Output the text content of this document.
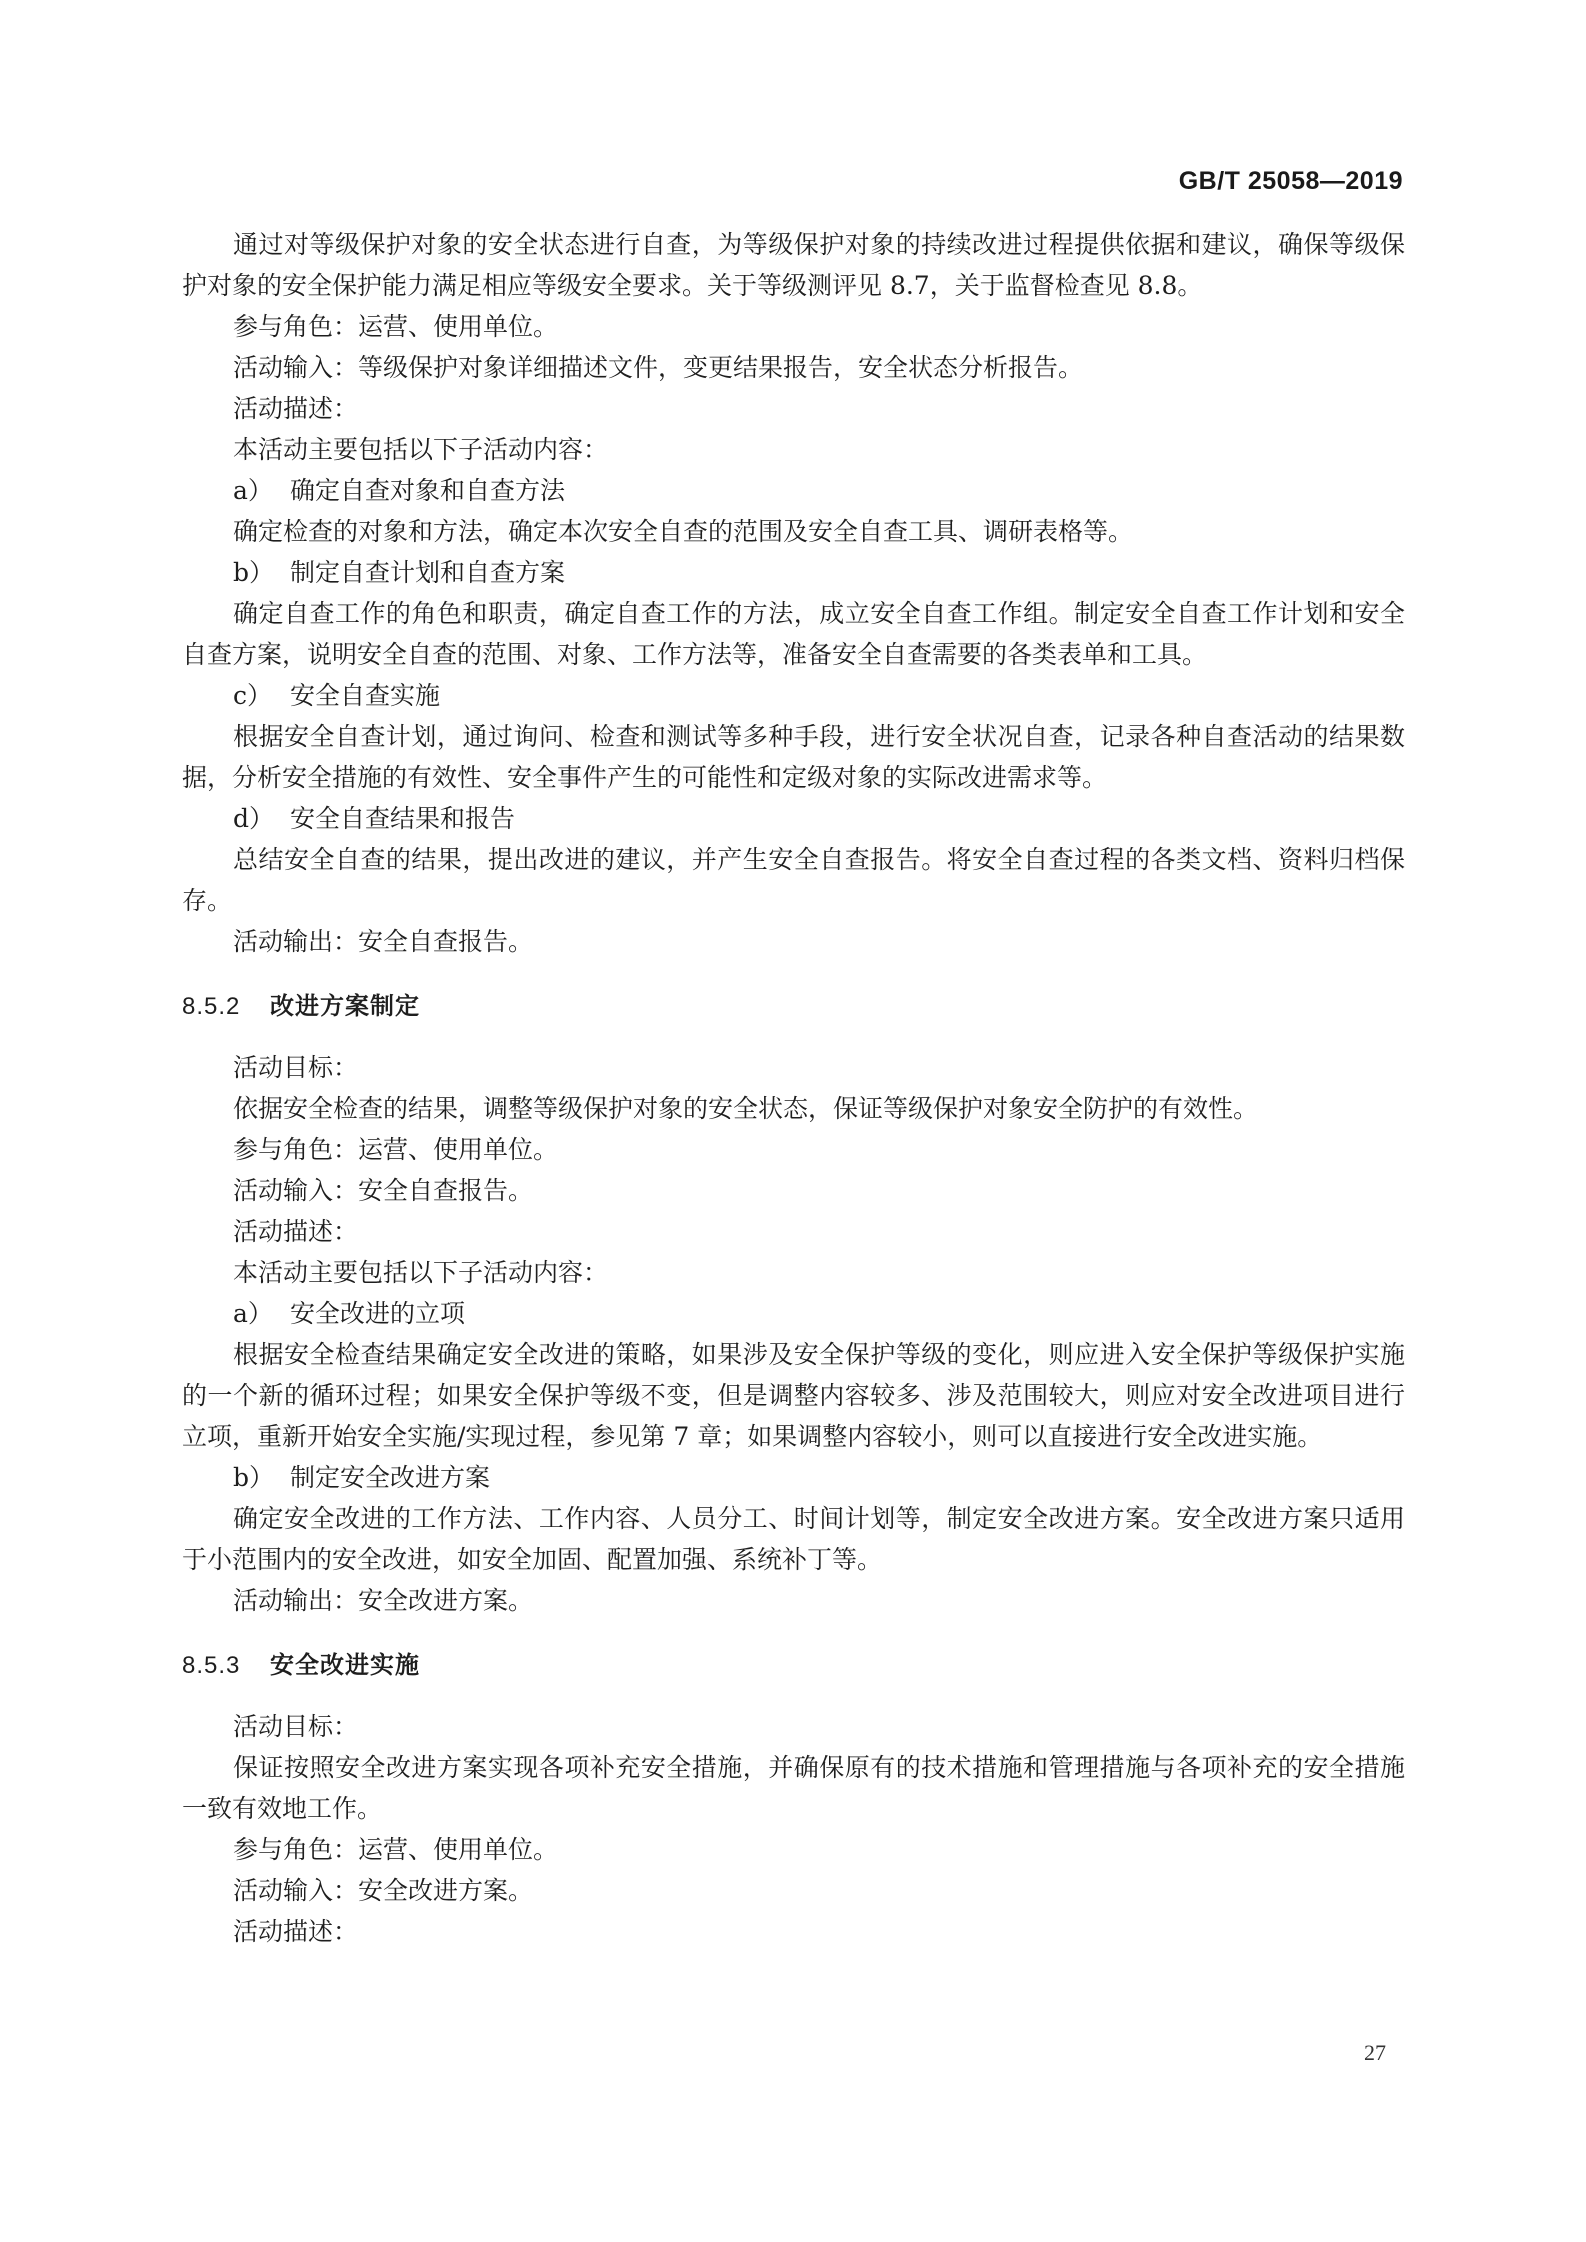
GB/T 25058—2019

通过对等级保护对象的安全状态进行自查，为等级保护对象的持续改进过程提供依据和建议，确保等级保护对象的安全保护能力满足相应等级安全要求。关于等级测评见 8.7，关于监督检查见 8.8。

参与角色：运营、使用单位。

活动输入：等级保护对象详细描述文件，变更结果报告，安全状态分析报告。

活动描述：

本活动主要包括以下子活动内容：

a） 确定自查对象和自查方法

确定检查的对象和方法，确定本次安全自查的范围及安全自查工具、调研表格等。

b） 制定自查计划和自查方案

确定自查工作的角色和职责，确定自查工作的方法，成立安全自查工作组。制定安全自查工作计划和安全自查方案，说明安全自查的范围、对象、工作方法等，准备安全自查需要的各类表单和工具。

c） 安全自查实施

根据安全自查计划，通过询问、检查和测试等多种手段，进行安全状况自查，记录各种自查活动的结果数据，分析安全措施的有效性、安全事件产生的可能性和定级对象的实际改进需求等。

d） 安全自查结果和报告

总结安全自查的结果，提出改进的建议，并产生安全自查报告。将安全自查过程的各类文档、资料归档保存。

活动输出：安全自查报告。

8.5.2 改进方案制定

活动目标：

依据安全检查的结果，调整等级保护对象的安全状态，保证等级保护对象安全防护的有效性。

参与角色：运营、使用单位。

活动输入：安全自查报告。

活动描述：

本活动主要包括以下子活动内容：

a） 安全改进的立项

根据安全检查结果确定安全改进的策略，如果涉及安全保护等级的变化，则应进入安全保护等级保护实施的一个新的循环过程；如果安全保护等级不变，但是调整内容较多、涉及范围较大，则应对安全改进项目进行立项，重新开始安全实施/实现过程，参见第 7 章；如果调整内容较小，则可以直接进行安全改进实施。

b） 制定安全改进方案

确定安全改进的工作方法、工作内容、人员分工、时间计划等，制定安全改进方案。安全改进方案只适用于小范围内的安全改进，如安全加固、配置加强、系统补丁等。

活动输出：安全改进方案。

8.5.3 安全改进实施

活动目标：

保证按照安全改进方案实现各项补充安全措施，并确保原有的技术措施和管理措施与各项补充的安全措施一致有效地工作。

参与角色：运营、使用单位。

活动输入：安全改进方案。

活动描述：

27
